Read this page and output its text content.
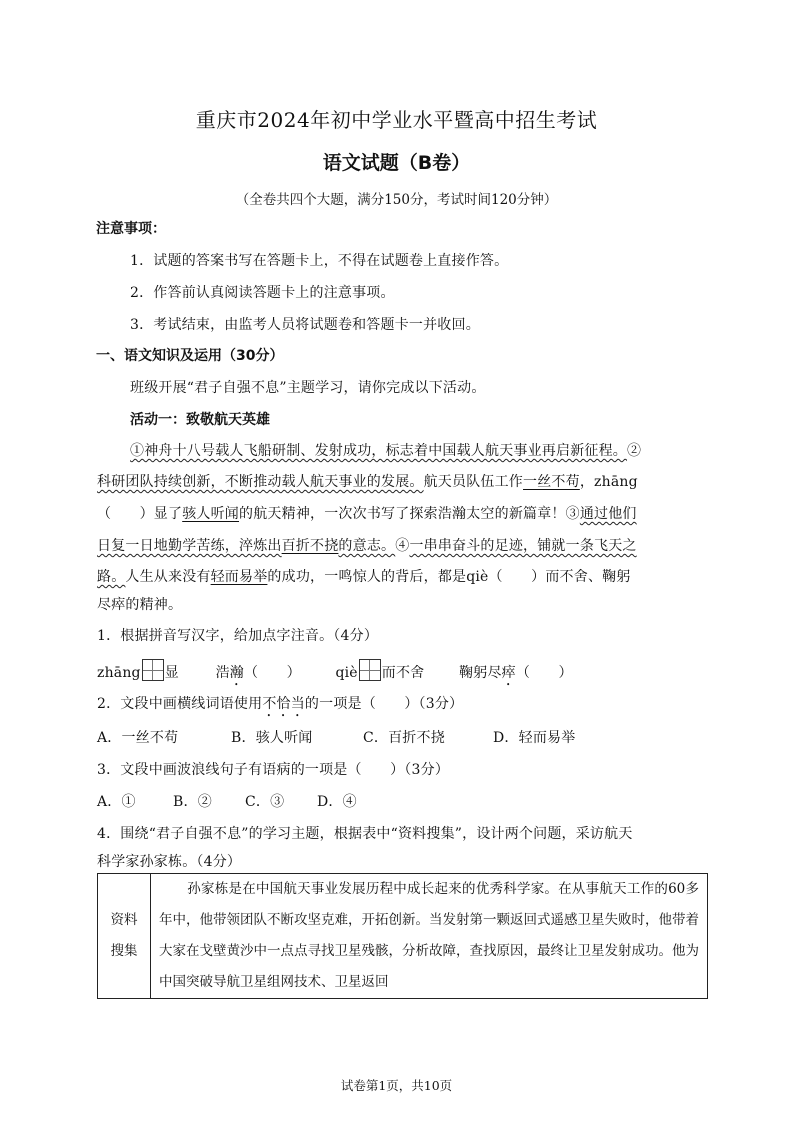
重庆市2024年初中学业水平暨高中招生考试
语文试题（B卷）
（全卷共四个大题，满分150分，考试时间120分钟）
注意事项：
1．试题的答案书写在答题卡上，不得在试题卷上直接作答。
2．作答前认真阅读答题卡上的注意事项。
3．考试结束，由监考人员将试题卷和答题卡一并收回。
一、语文知识及运用（30分）
班级开展“君子自强不息”主题学习，请你完成以下活动。
活动一：致敬航天英雄
①神舟十八号载人飞船研制、发射成功，标志着中国载人航天事业再启新征程。②
科研团队持续创新，不断推动载人航天事业的发展。航天员队伍工作一丝不苟，zhāng
（　　）显了骇人听闻的航天精神，一次次书写了探索浩瀚太空的新篇章！③通过他们
日复一日地勤学苦练，淬炼出百折不挠的意志。④一串串奋斗的足迹，铺就一条飞天之
路。人生从来没有轻而易举的成功，一鸣惊人的背后，都是qiè（　　）而不舍、鞠躬
尽瘁的精神。
1．根据拼音写汉字，给加点字注音。（4分）
zhāng 显	浩瀚（　　） qiè 而不舍 鞠躬尽瘁（　　）
2．文段中画横线词语使用不恰当的一项是（　　）（3分）
A．一丝不苟	B．骇人听闻	C．百折不挠	D．轻而易举
3．文段中画波浪线句子有语病的一项是（　　）（3分）
A．①	B．② C．③ D．④
4．围绕“君子自强不息”的学习主题，根据表中“资料搜集”，设计两个问题，采访航天
科学家孙家栋。（4分）
资料
搜集	孙家栋是在中国航天事业发展历程中成长起来的优秀科学家。在从事航天工作的60多年中，他带领团队不断攻坚克难，开拓创新。当发射第一颗返回式遥感卫星失败时，他带着大家在戈壁黄沙中一点点寻找卫星残骸，分析故障，查找原因，最终让卫星发射成功。他为中国突破导航卫星组网技术、卫星返回
试卷第1页，共10页
